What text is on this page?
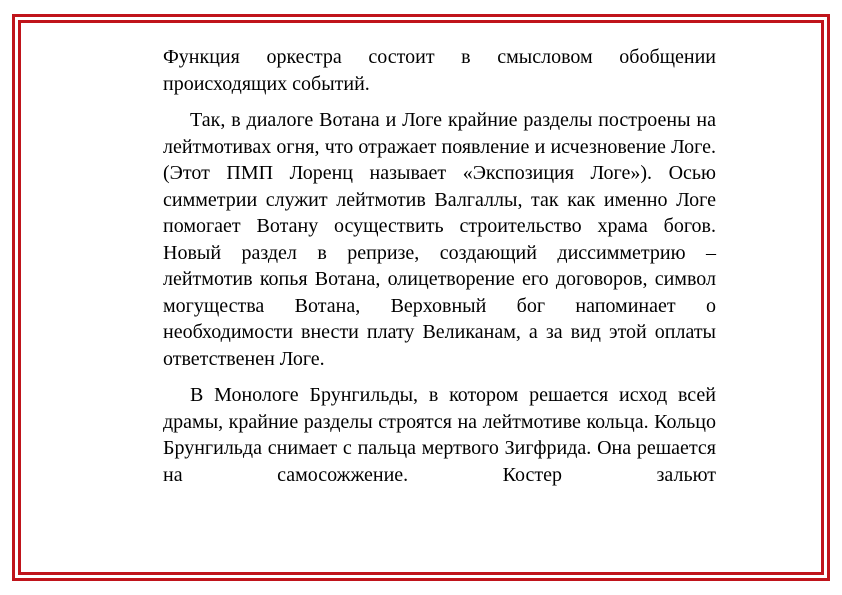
Функция оркестра состоит в смысловом обобщении происходящих событий.

Так, в диалоге Вотана и Логе крайние разделы построены на лейтмотивах огня, что отражает появление и исчезновение Логе. (Этот ПМП Лоренц называет «Экспозиция Логе»). Осью симметрии служит лейтмотив Валгаллы, так как именно Логе помогает Вотану осуществить строительство храма богов. Новый раздел в репризе, создающий диссимметрию – лейтмотив копья Вотана, олицетворение его договоров, символ могущества Вотана, Верховный бог напоминает о необходимости внести плату Великанам, а за вид этой оплаты ответственен Логе.

В Монологе Брунгильды, в котором решается исход всей драмы, крайние разделы строятся на лейтмотиве кольца. Кольцо Брунгильда снимает с пальца мертвого Зигфрида. Она решается на самосожжение. Костер зальют
